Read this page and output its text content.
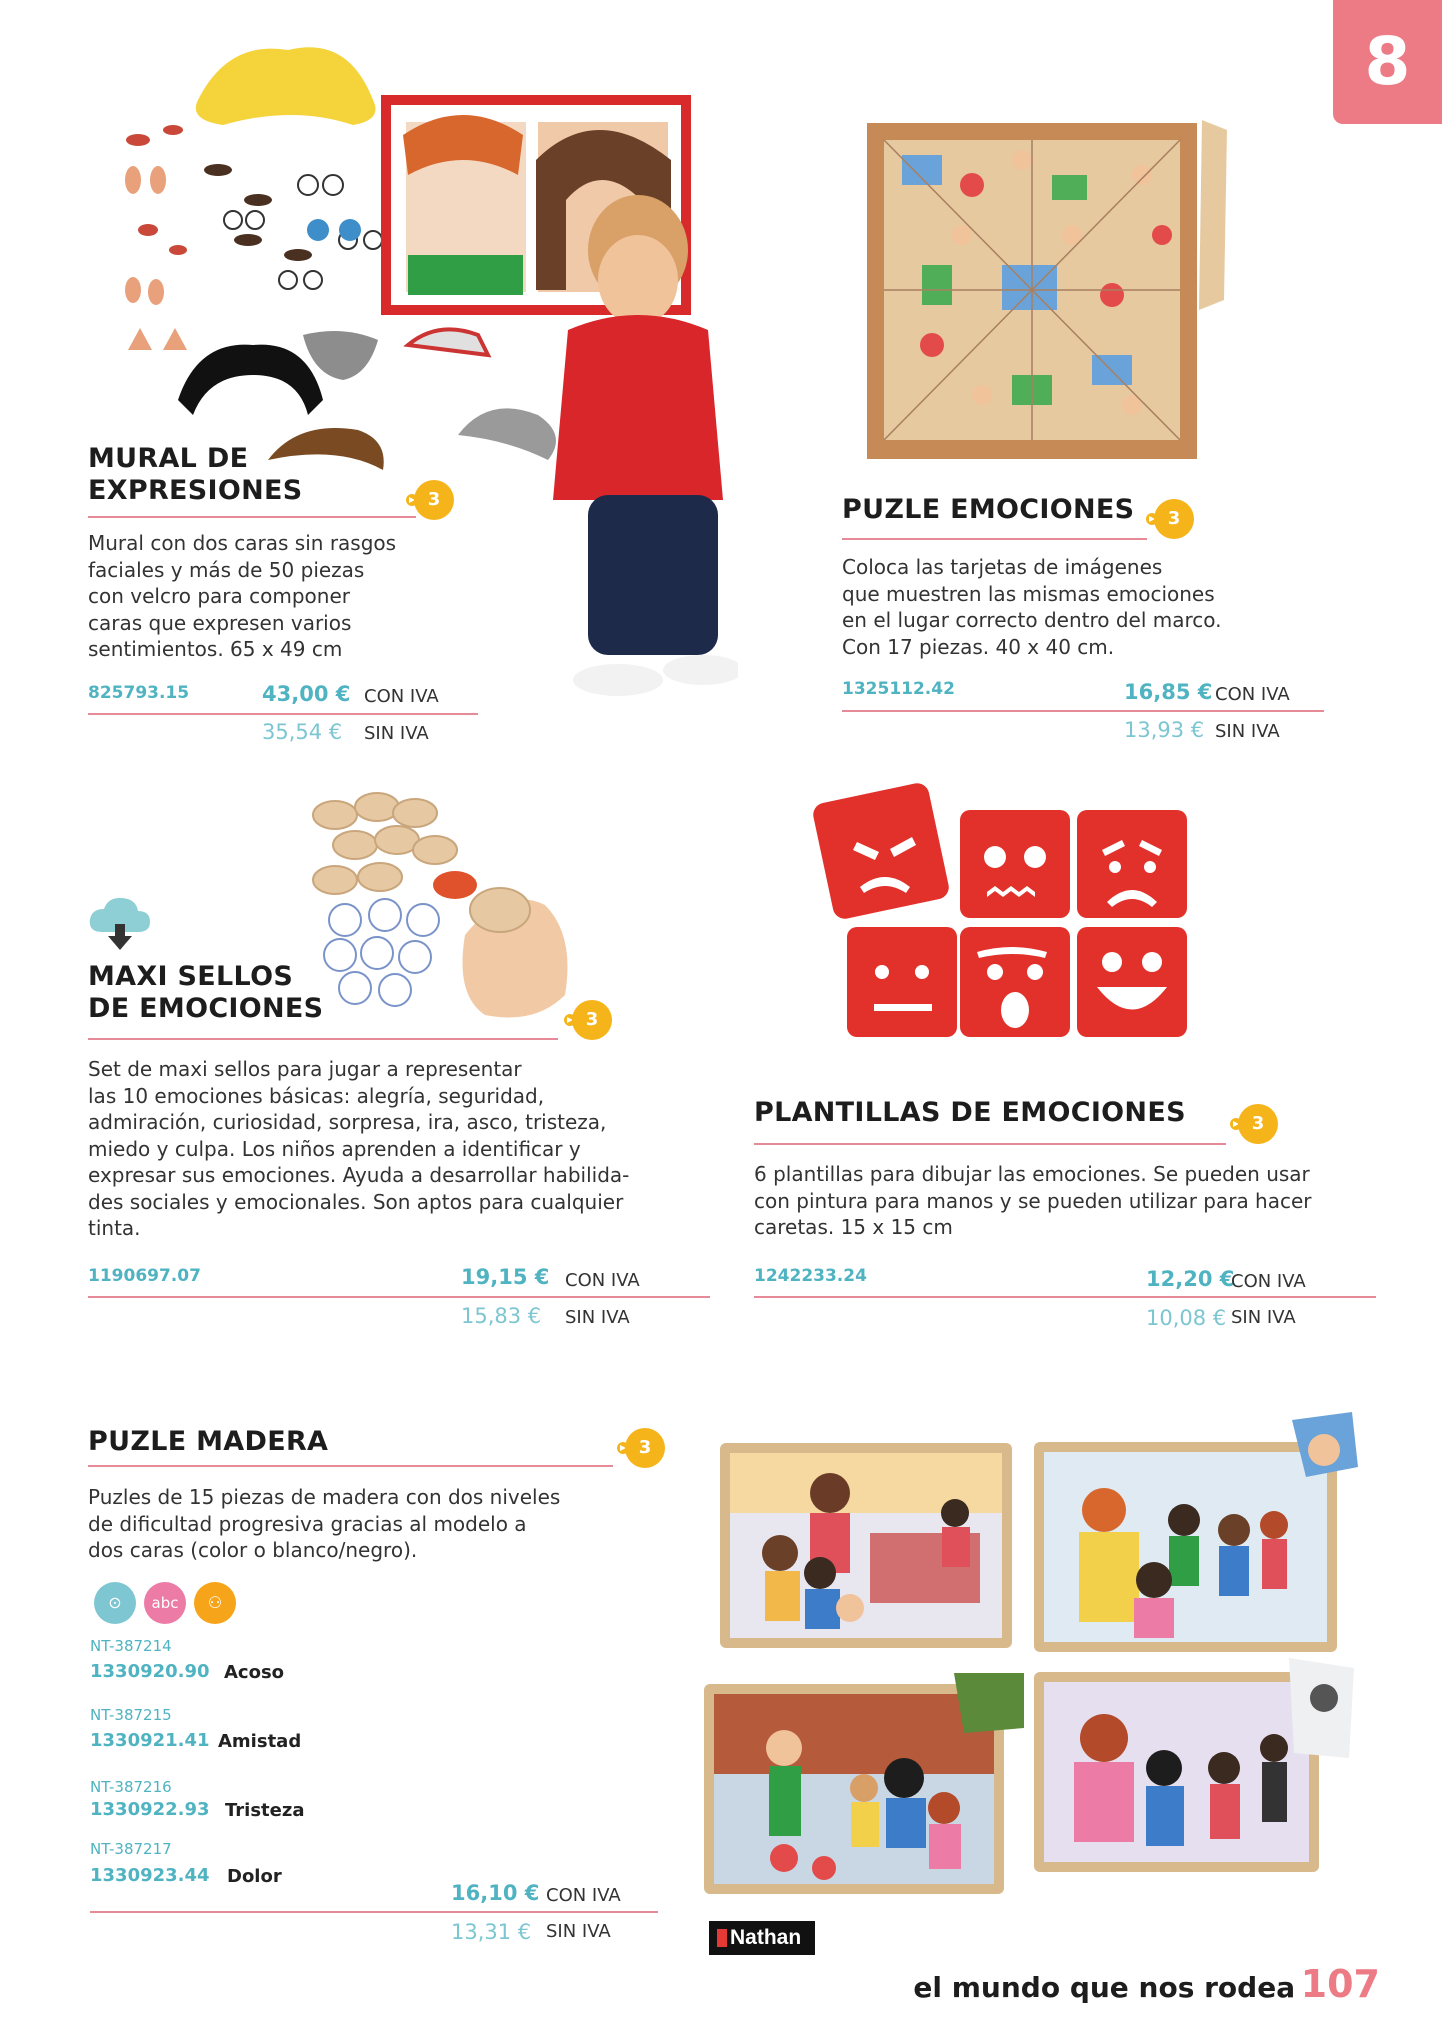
8
MURAL DE
EXPRESIONES	3
Mural con dos caras sin rasgos
faciales y más de 50 piezas
con velcro para componer
caras que expresen varios
sentimientos. 65 x 49 cm
825793.15	43,00 € CON IVA
35,54 € SIN IVA
PUZLE EMOCIONES	3
Coloca las tarjetas de imágenes
que muestren las mismas emociones
en el lugar correcto dentro del marco.
Con 17 piezas. 40 x 40 cm.
1325112.42	16,85 € CON IVA
13,93 € SIN IVA
MAXI SELLOS
DE EMOCIONES	3
Set de maxi sellos para jugar a representar
las 10 emociones básicas: alegría, seguridad,
admiración, curiosidad, sorpresa, ira, asco, tristeza,
miedo y culpa. Los niños aprenden a identificar y
expresar sus emociones. Ayuda a desarrollar habilida-
des sociales y emocionales. Son aptos para cualquier
tinta.
1190697.07	19,15 € CON IVA
15,83 € SIN IVA
PLANTILLAS DE EMOCIONES	3
6 plantillas para dibujar las emociones. Se pueden usar
con pintura para manos y se pueden utilizar para hacer
caretas. 15 x 15 cm
1242233.24	12,20 €
CON IVA
10,08 € SIN IVA
PUZLE MADERA	3
Puzles de 15 piezas de madera con dos niveles
de dificultad progresiva gracias al modelo a
dos caras (color o blanco/negro).
⊙	abc	⚇
NT-387214
1330920.90 Acoso
NT-387215
1330921.41 Amistad
NT-387216
1330922.93 Tristeza
NT-387217
1330923.44 Dolor
16,10 € CON IVA
13,31 € SIN IVA	Nathan
el mundo que nos rodea 107
